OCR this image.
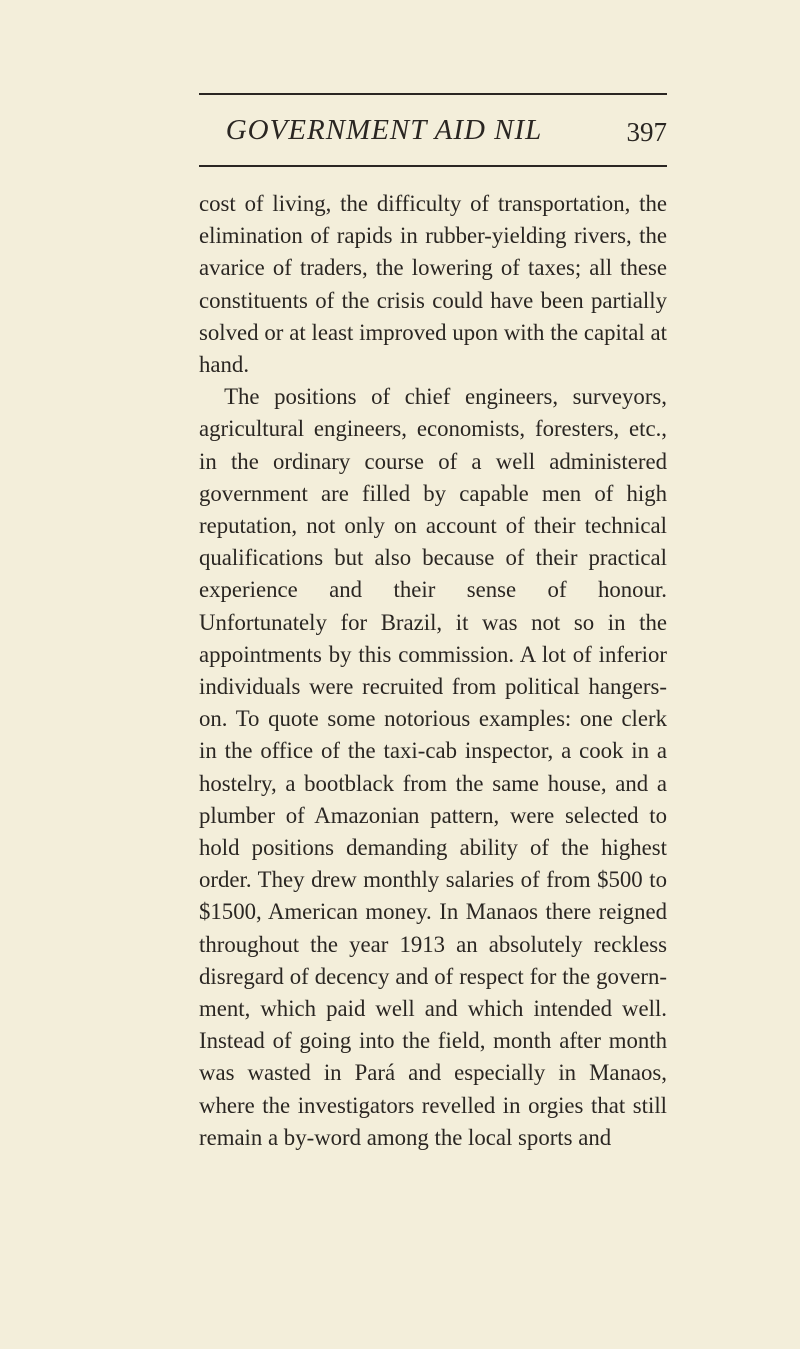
GOVERNMENT AID NIL	397

cost of living, the difficulty of transportation, the elimination of rapids in rubber-yielding rivers, the avarice of traders, the lowering of taxes; all these constituents of the crisis could have been partially solved or at least improved upon with the capital at hand.

The positions of chief engineers, surveyors, agricultural engineers, economists, foresters, etc., in the ordinary course of a well administered government are filled by capable men of high reputation, not only on account of their technical qualifications but also because of their practical experience and their sense of honour. Unfortunately for Brazil, it was not so in the appointments by this commission. A lot of inferior individuals were recruited from political hangers-on. To quote some notorious examples: one clerk in the office of the taxi-cab inspector, a cook in a hostelry, a bootblack from the same house, and a plumber of Amazonian pattern, were selected to hold positions demanding ability of the highest order. They drew monthly salaries of from $500 to $1500, American money. In Manaos there reigned throughout the year 1913 an absolutely reckless disregard of decency and of respect for the government, which paid well and which intended well. Instead of going into the field, month after month was wasted in Pará and especially in Manaos, where the investigators revelled in orgies that still remain a by-word among the local sports and
